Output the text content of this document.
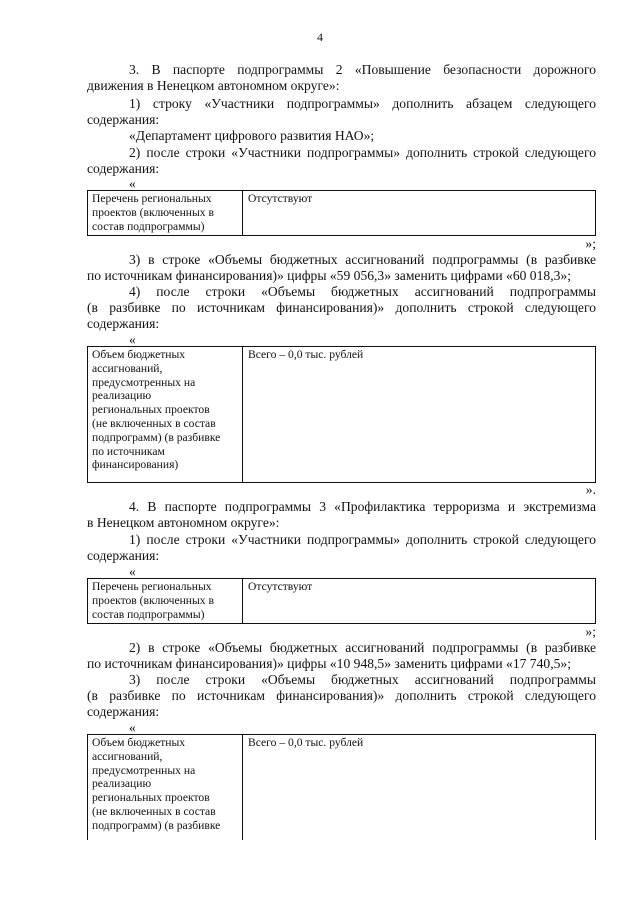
4
3. В паспорте подпрограммы 2 «Повышение безопасности дорожного
движения в Ненецком автономном округе»:
1) строку «Участники подпрограммы» дополнить абзацем следующего
содержания:
«Департамент цифрового развития НАО»;
2) после строки «Участники подпрограммы» дополнить строкой следующего
содержания:
«
Перечень региональных
проектов (включенных в
состав подпрограммы)
Отсутствуют
»;
3) в строке «Объемы бюджетных ассигнований подпрограммы (в разбивке
по источникам финансирования)» цифры «59 056,3» заменить цифрами «60 018,3»;
4) после строки «Объемы бюджетных ассигнований подпрограммы
(в разбивке по источникам финансирования)» дополнить строкой следующего
содержания:
«
Объем бюджетных
ассигнований,
предусмотренных на
реализацию
региональных проектов
(не включенных в состав
подпрограмм) (в разбивке
по источникам
финансирования)
Всего – 0,0 тыс. рублей
».
4. В паспорте подпрограммы 3 «Профилактика терроризма и экстремизма
в Ненецком автономном округе»:
1) после строки «Участники подпрограммы» дополнить строкой следующего
содержания:
«
Перечень региональных
проектов (включенных в
состав подпрограммы)
Отсутствуют
»;
2) в строке «Объемы бюджетных ассигнований подпрограммы (в разбивке
по источникам финансирования)» цифры «10 948,5» заменить цифрами «17 740,5»;
3) после строки «Объемы бюджетных ассигнований подпрограммы
(в разбивке по источникам финансирования)» дополнить строкой следующего
содержания:
«
Объем бюджетных
ассигнований,
предусмотренных на
реализацию
региональных проектов
(не включенных в состав
подпрограмм) (в разбивке
Всего – 0,0 тыс. рублей
